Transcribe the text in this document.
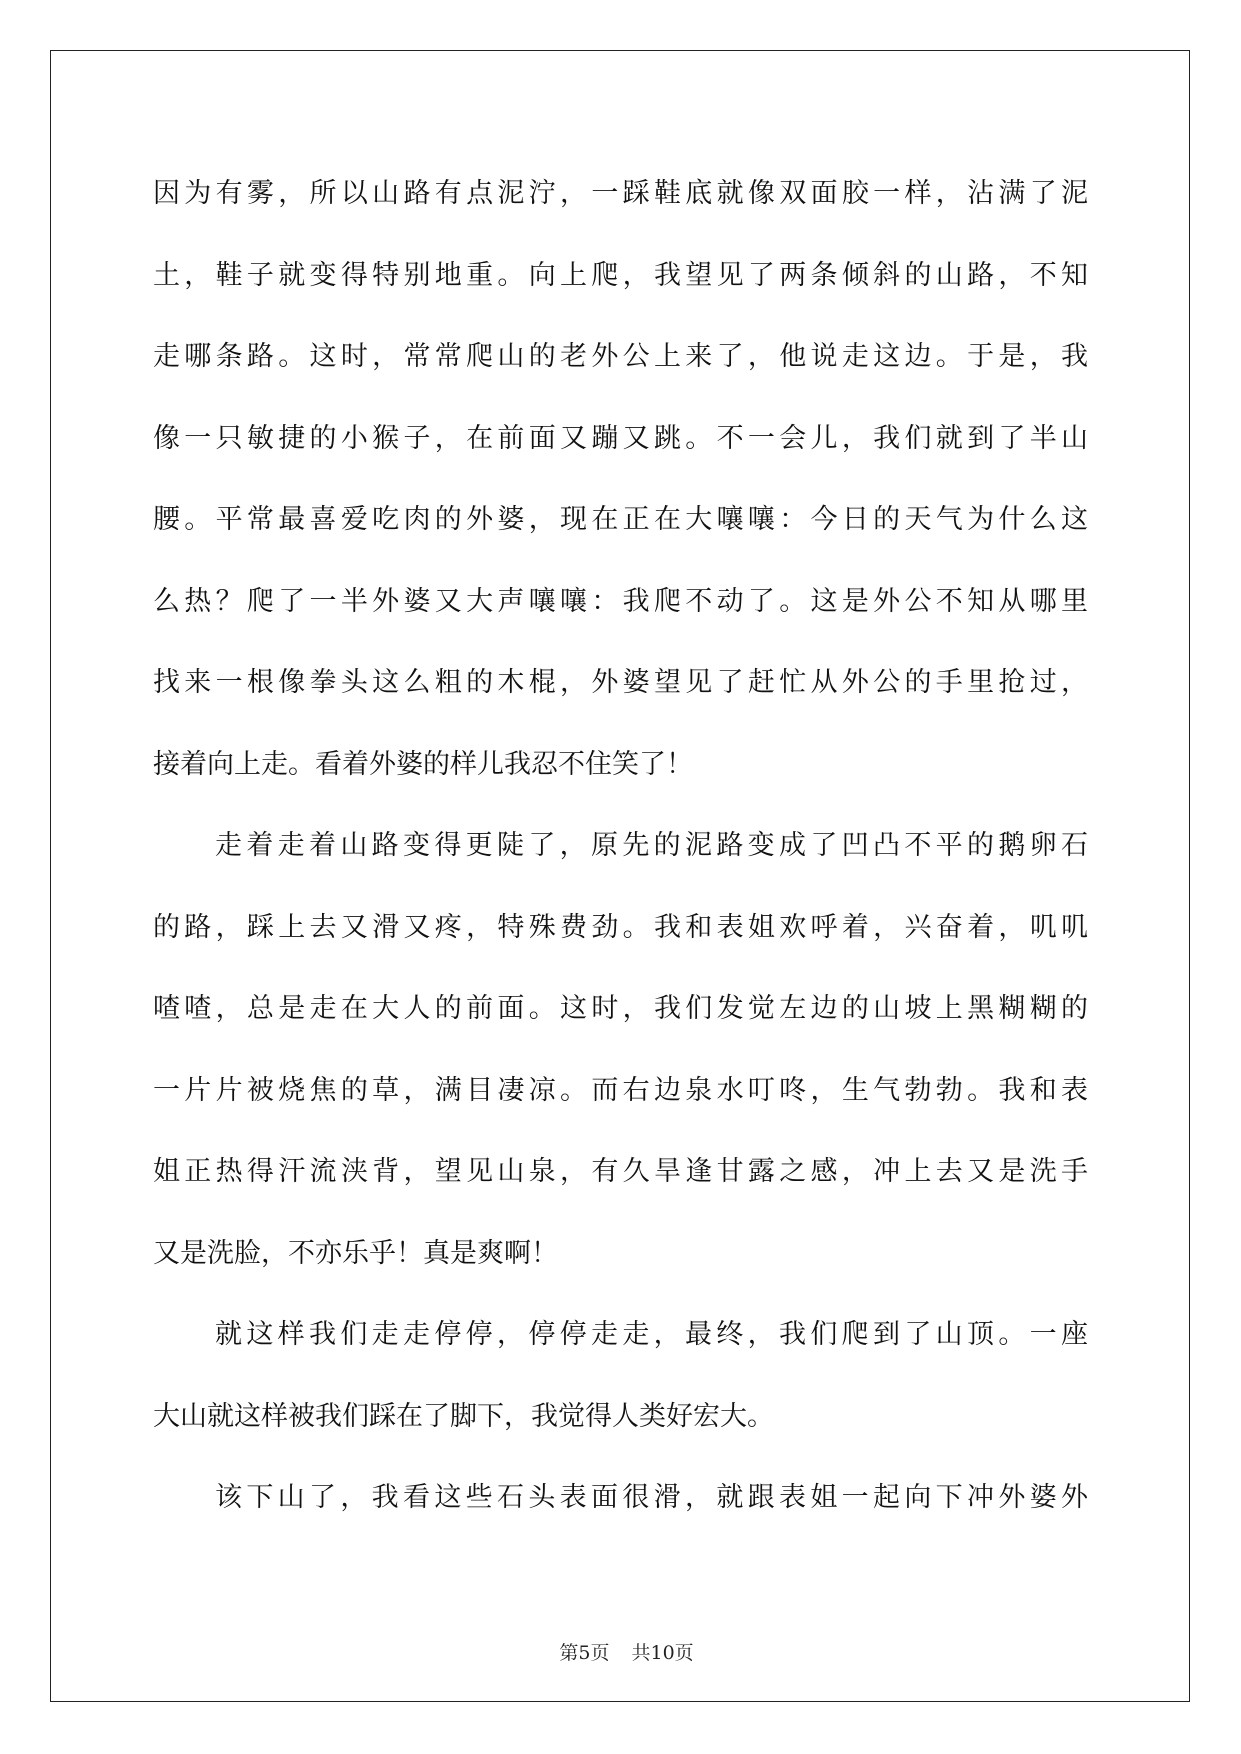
因为有雾，所以山路有点泥泞，一踩鞋底就像双面胶一样，沾满了泥
土，鞋子就变得特别地重。向上爬，我望见了两条倾斜的山路，不知
走哪条路。这时，常常爬山的老外公上来了，他说走这边。于是，我
像一只敏捷的小猴子，在前面又蹦又跳。不一会儿，我们就到了半山
腰。平常最喜爱吃肉的外婆，现在正在大嚷嚷：今日的天气为什么这
么热？爬了一半外婆又大声嚷嚷：我爬不动了。这是外公不知从哪里
找来一根像拳头这么粗的木棍，外婆望见了赶忙从外公的手里抢过，
接着向上走。看着外婆的样儿我忍不住笑了！
走着走着山路变得更陡了，原先的泥路变成了凹凸不平的鹅卵石
的路，踩上去又滑又疼，特殊费劲。我和表姐欢呼着，兴奋着，叽叽
喳喳，总是走在大人的前面。这时，我们发觉左边的山坡上黑糊糊的
一片片被烧焦的草，满目凄凉。而右边泉水叮咚，生气勃勃。我和表
姐正热得汗流浃背，望见山泉，有久旱逢甘露之感，冲上去又是洗手
又是洗脸，不亦乐乎！真是爽啊！
就这样我们走走停停，停停走走，最终，我们爬到了山顶。一座
大山就这样被我们踩在了脚下，我觉得人类好宏大。
该下山了，我看这些石头表面很滑，就跟表姐一起向下冲外婆外

第5页 共10页
